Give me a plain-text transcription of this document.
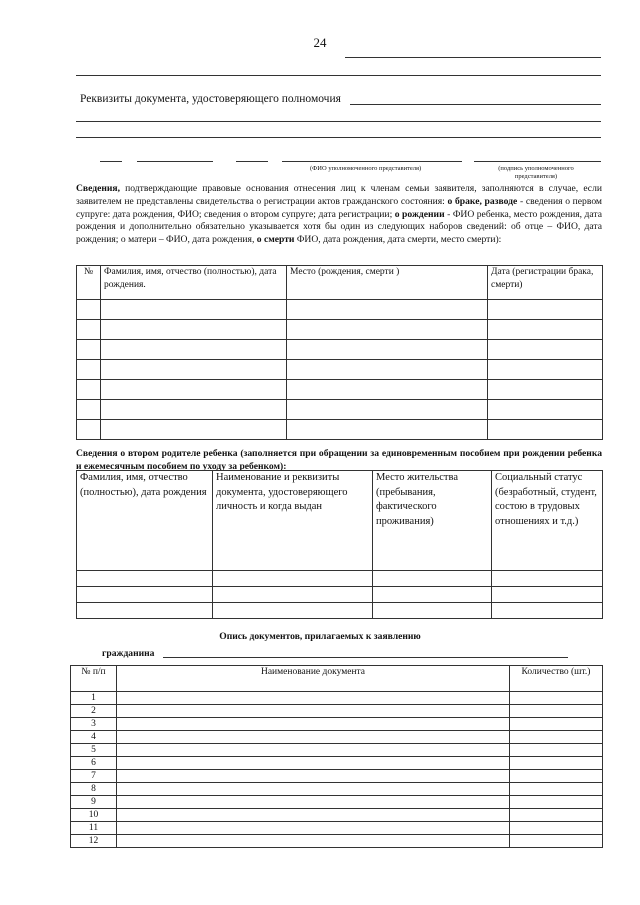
24
Реквизиты документа, удостоверяющего полномочия
(ФИО уполномоченного представителя)	(подпись уполномоченного
представителя)
Сведения, подтверждающие правовые основания отнесения лиц к членам семьи заявителя, заполняются в случае, если заявителем не представлены свидетельства о регистрации актов гражданского состояния: о браке, разводе - сведения о первом супруге: дата рождения, ФИО; сведения о втором супруге; дата регистрации; о рождении - ФИО ребенка, место рождения, дата рождения и дополнительно обязательно указывается хотя бы один из следующих наборов сведений: об отце – ФИО, дата рождения; о матери – ФИО, дата рождения, о смерти ФИО, дата рождения, дата смерти, место смерти):
№	Фамилия, имя, отчество (полностью), дата рождения.	Место (рождения, смерти )	Дата (регистрации брака, смерти)

Сведения о втором родителе ребенка (заполняется при обращении за единовременным пособием при рождении ребенка и ежемесячным пособием по уходу за ребенком):
Фамилия, имя, отчество (полностью), дата рождения	Наименование и реквизиты документа, удостоверяющего личность и когда выдан	Место жительства (пребывания, фактического проживания)	Социальный статус (безработный, студент, состою в трудовых отношениях и т.д.)

Опись документов, прилагаемых к заявлению
гражданина
№ п/п	Наименование документа	Количество (шт.)
1		
2		
3		
4		
5		
6		
7		
8		
9		
10		
11		
12		
